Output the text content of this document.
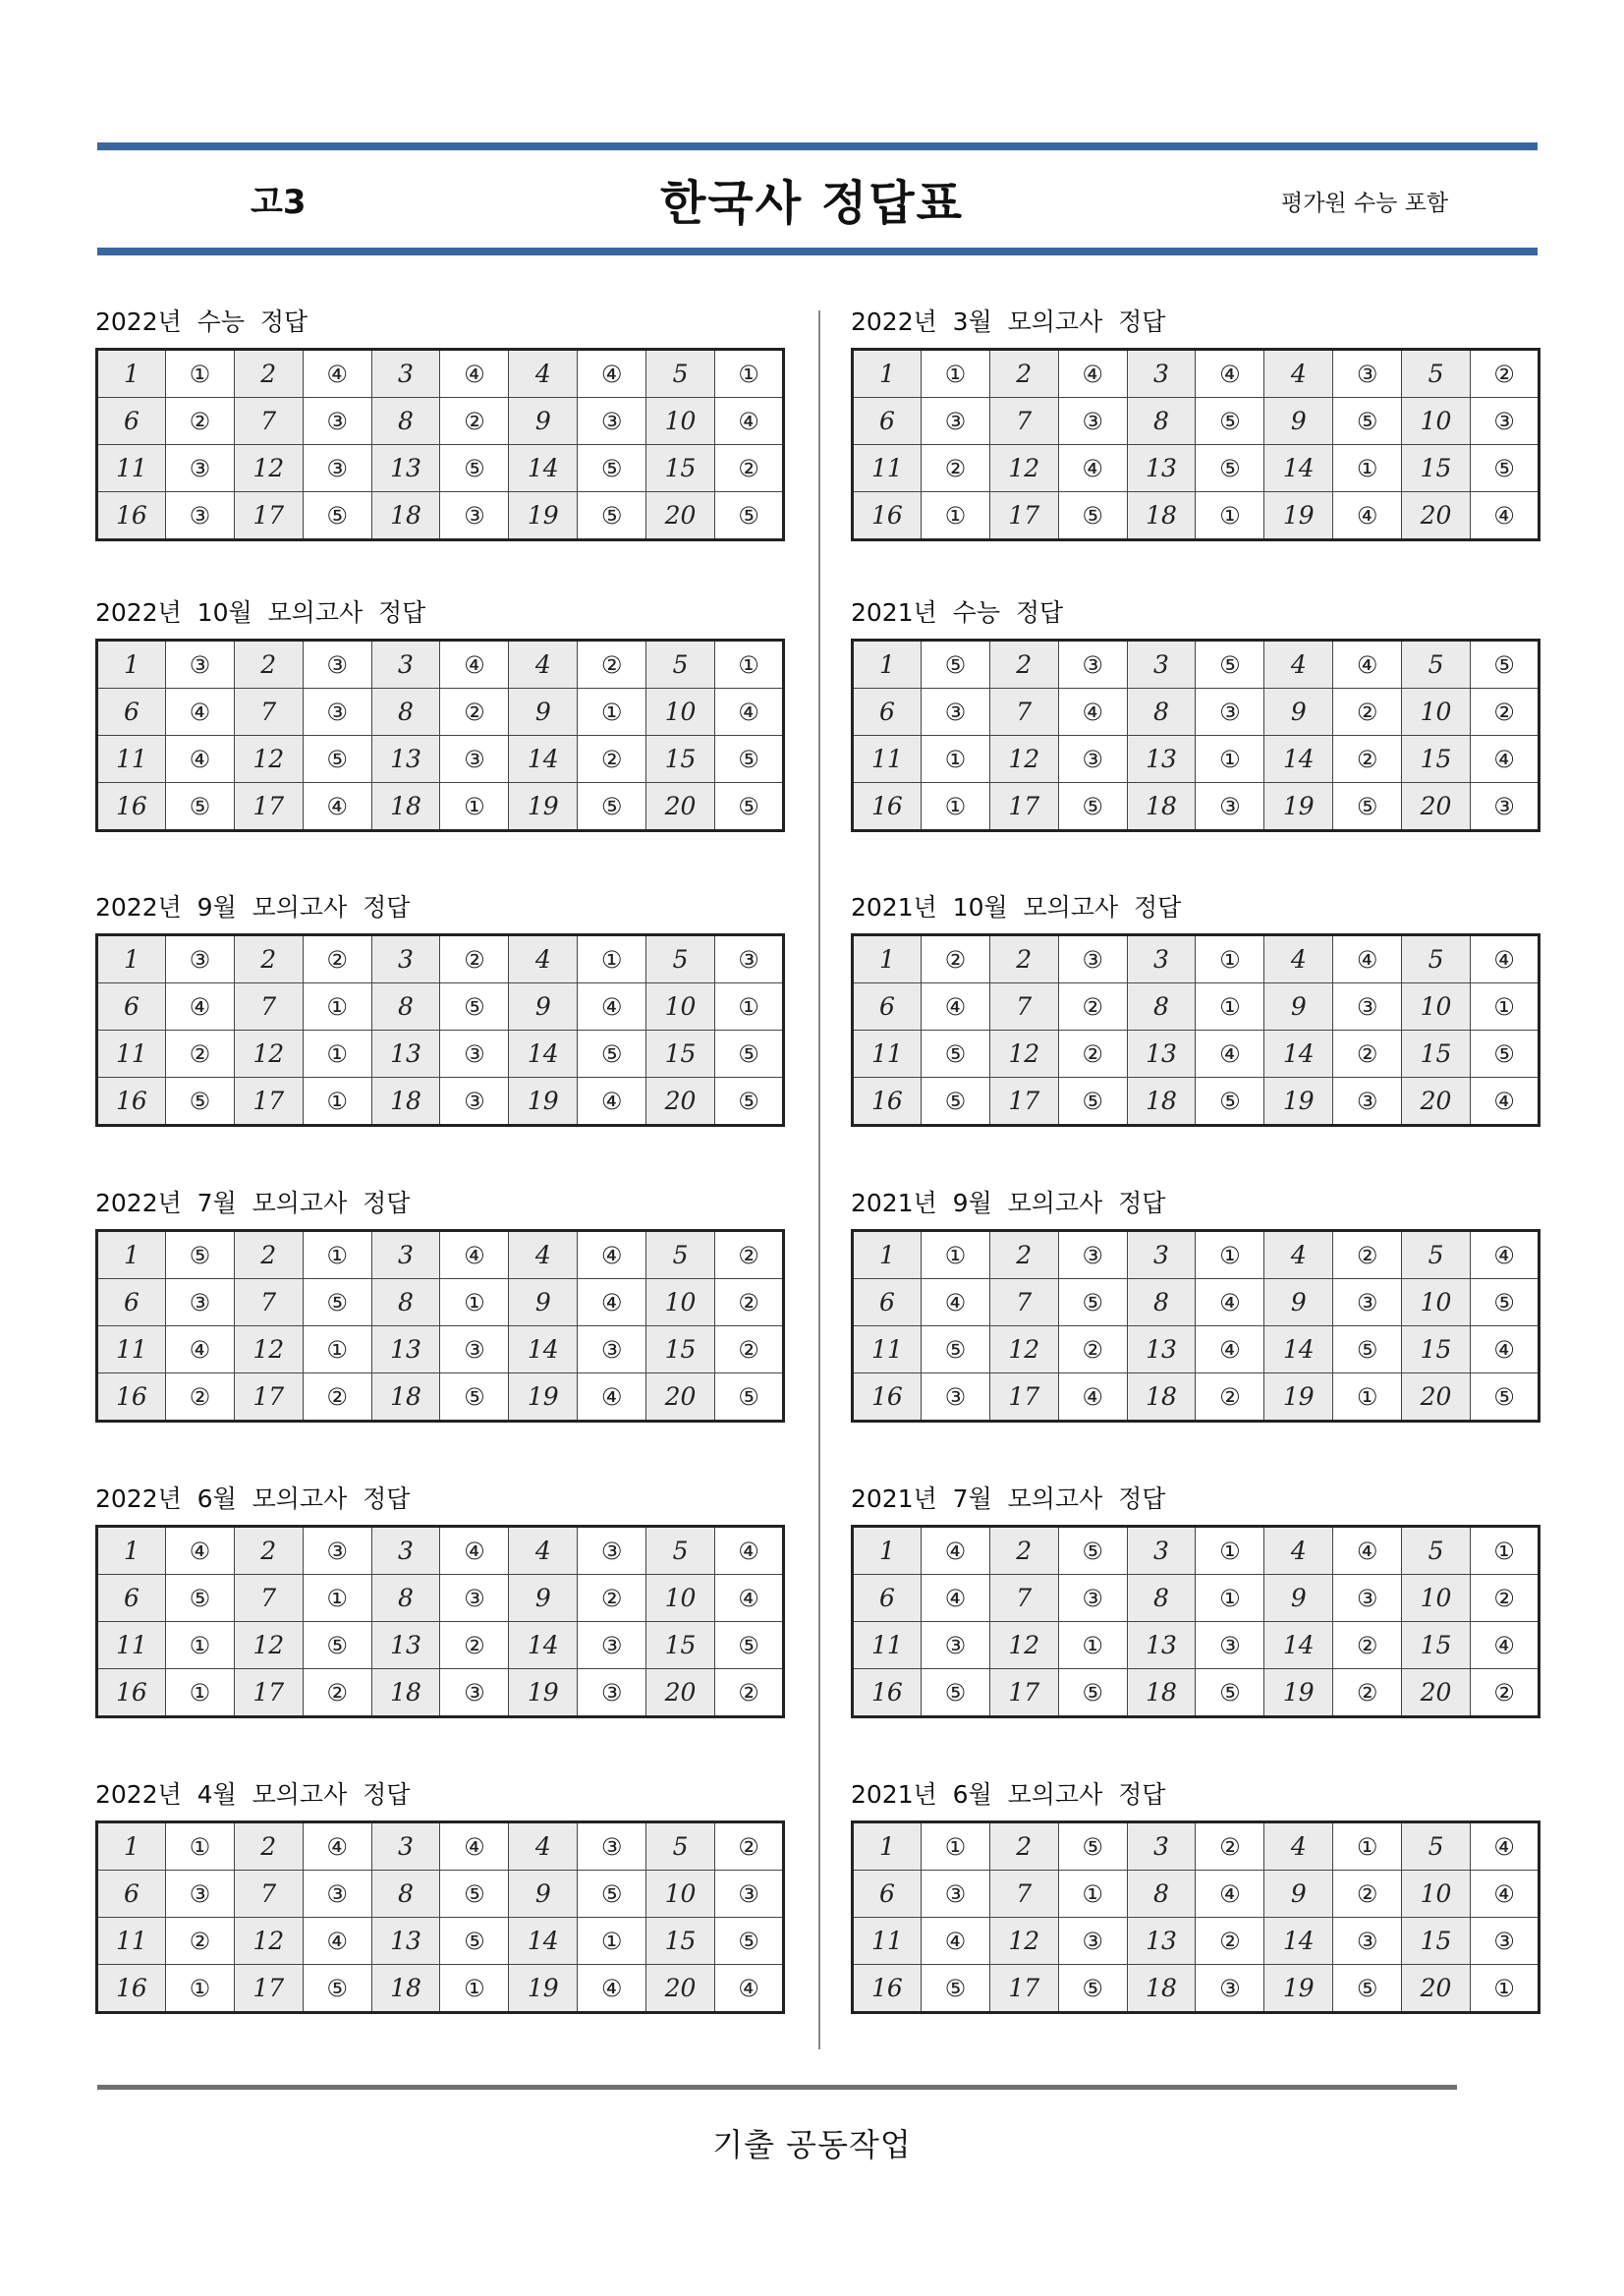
고3	한국사 정답표	평가원 수능 포함
2022년  수능  정답
1	①	2	④	3	④	4	④	5	①
6	②	7	③	8	②	9	③	10	④
11	③	12	③	13	⑤	14	⑤	15	②
16	③	17	⑤	18	③	19	⑤	20	⑤
2022년  3월  모의고사  정답
1	①	2	④	3	④	4	③	5	②
6	③	7	③	8	⑤	9	⑤	10	③
11	②	12	④	13	⑤	14	①	15	⑤
16	①	17	⑤	18	①	19	④	20	④
2022년  10월  모의고사  정답
1	③	2	③	3	④	4	②	5	①
6	④	7	③	8	②	9	①	10	④
11	④	12	⑤	13	③	14	②	15	⑤
16	⑤	17	④	18	①	19	⑤	20	⑤
2021년  수능  정답
1	⑤	2	③	3	⑤	4	④	5	⑤
6	③	7	④	8	③	9	②	10	②
11	①	12	③	13	①	14	②	15	④
16	①	17	⑤	18	③	19	⑤	20	③
2022년  9월  모의고사  정답
1	③	2	②	3	②	4	①	5	③
6	④	7	①	8	⑤	9	④	10	①
11	②	12	①	13	③	14	⑤	15	⑤
16	⑤	17	①	18	③	19	④	20	⑤
2021년  10월  모의고사  정답
1	②	2	③	3	①	4	④	5	④
6	④	7	②	8	①	9	③	10	①
11	⑤	12	②	13	④	14	②	15	⑤
16	⑤	17	⑤	18	⑤	19	③	20	④
2022년  7월  모의고사  정답
1	⑤	2	①	3	④	4	④	5	②
6	③	7	⑤	8	①	9	④	10	②
11	④	12	①	13	③	14	③	15	②
16	②	17	②	18	⑤	19	④	20	⑤
2021년  9월  모의고사  정답
1	①	2	③	3	①	4	②	5	④
6	④	7	⑤	8	④	9	③	10	⑤
11	⑤	12	②	13	④	14	⑤	15	④
16	③	17	④	18	②	19	①	20	⑤
2022년  6월  모의고사  정답
1	④	2	③	3	④	4	③	5	④
6	⑤	7	①	8	③	9	②	10	④
11	①	12	⑤	13	②	14	③	15	⑤
16	①	17	②	18	③	19	③	20	②
2021년  7월  모의고사  정답
1	④	2	⑤	3	①	4	④	5	①
6	④	7	③	8	①	9	③	10	②
11	③	12	①	13	③	14	②	15	④
16	⑤	17	⑤	18	⑤	19	②	20	②
2022년  4월  모의고사  정답
1	①	2	④	3	④	4	③	5	②
6	③	7	③	8	⑤	9	⑤	10	③
11	②	12	④	13	⑤	14	①	15	⑤
16	①	17	⑤	18	①	19	④	20	④
2021년  6월  모의고사  정답
1	①	2	⑤	3	②	4	①	5	④
6	③	7	①	8	④	9	②	10	④
11	④	12	③	13	②	14	③	15	③
16	⑤	17	⑤	18	③	19	⑤	20	①
기출 공동작업
